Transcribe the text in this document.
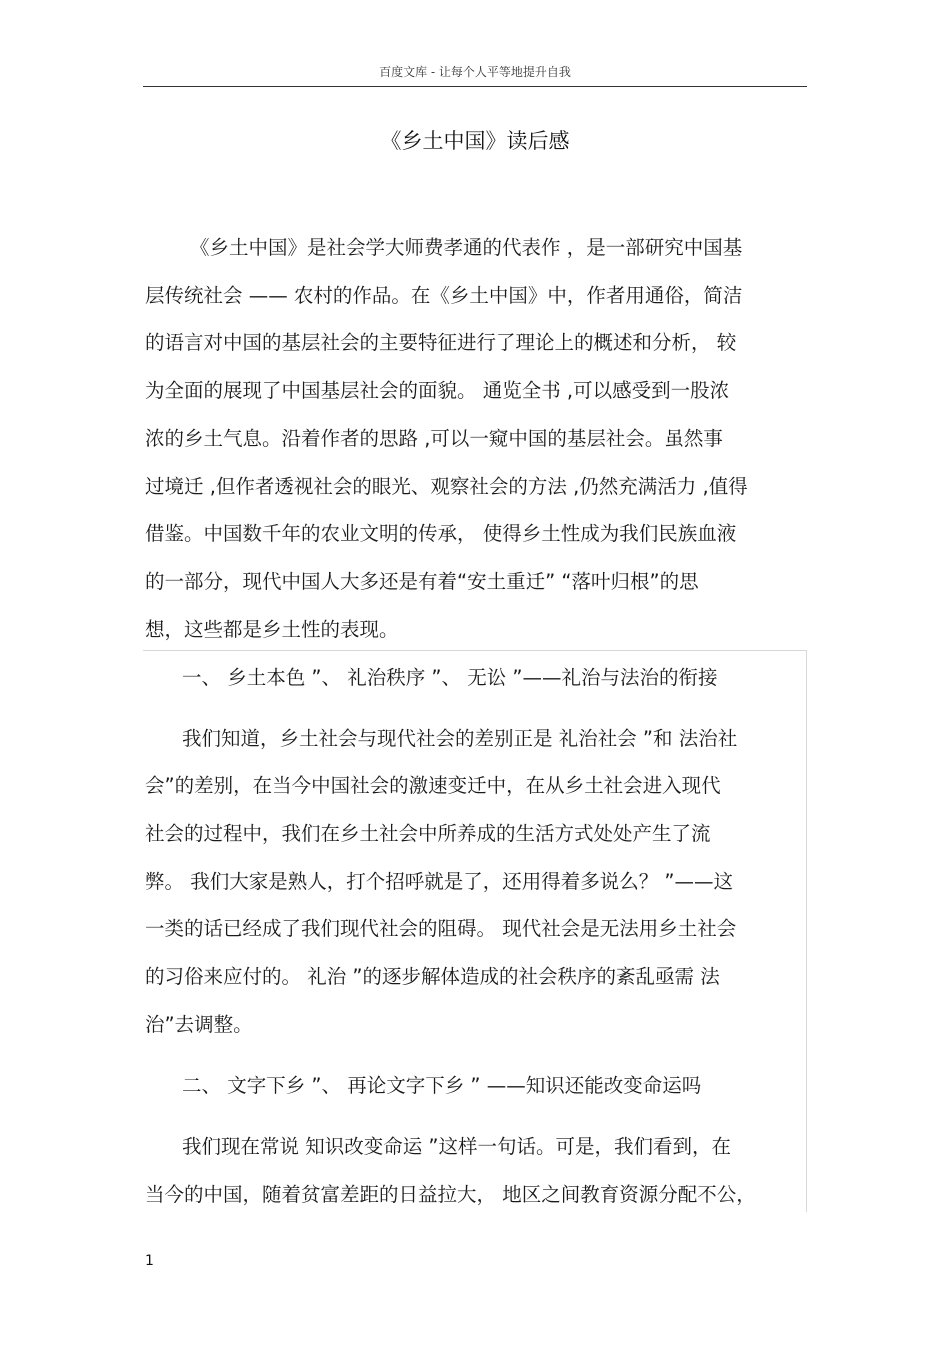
百度文库 - 让每个人平等地提升自我
《乡土中国》读后感
《乡土中国》是社会学大师费孝通的代表作 ，是一部研究中国基
层传统社会 —— 农村的作品。在《乡土中国》中，作者用通俗，简洁
的语言对中国的基层社会的主要特征进行了理论上的概述和分析， 较
为全面的展现了中国基层社会的面貌。 通览全书 ,可以感受到一股浓
浓的乡土气息。沿着作者的思路 ,可以一窥中国的基层社会。虽然事
过境迁 ,但作者透视社会的眼光、观察社会的方法 ,仍然充满活力 ,值得
借鉴。中国数千年的农业文明的传承， 使得乡土性成为我们民族血液
的一部分，现代中国人大多还是有着“安土重迁” “落叶归根”的思
想，这些都是乡土性的表现。
一、 乡土本色 ”、 礼治秩序 ”、 无讼 ”——礼治与法治的衔接
我们知道，乡土社会与现代社会的差别正是 礼治社会 ”和 法治社
会”的差别，在当今中国社会的激速变迁中，在从乡土社会进入现代
社会的过程中，我们在乡土社会中所养成的生活方式处处产生了流
弊。 我们大家是熟人，打个招呼就是了，还用得着多说么？ ”——这
一类的话已经成了我们现代社会的阻碍。 现代社会是无法用乡土社会
的习俗来应付的。 礼治 ”的逐步解体造成的社会秩序的紊乱亟需 法
治”去调整。
二、 文字下乡 ”、 再论文字下乡 ” ——知识还能改变命运吗
我们现在常说 知识改变命运 ”这样一句话。可是，我们看到，在
当今的中国，随着贫富差距的日益拉大， 地区之间教育资源分配不公，
1
